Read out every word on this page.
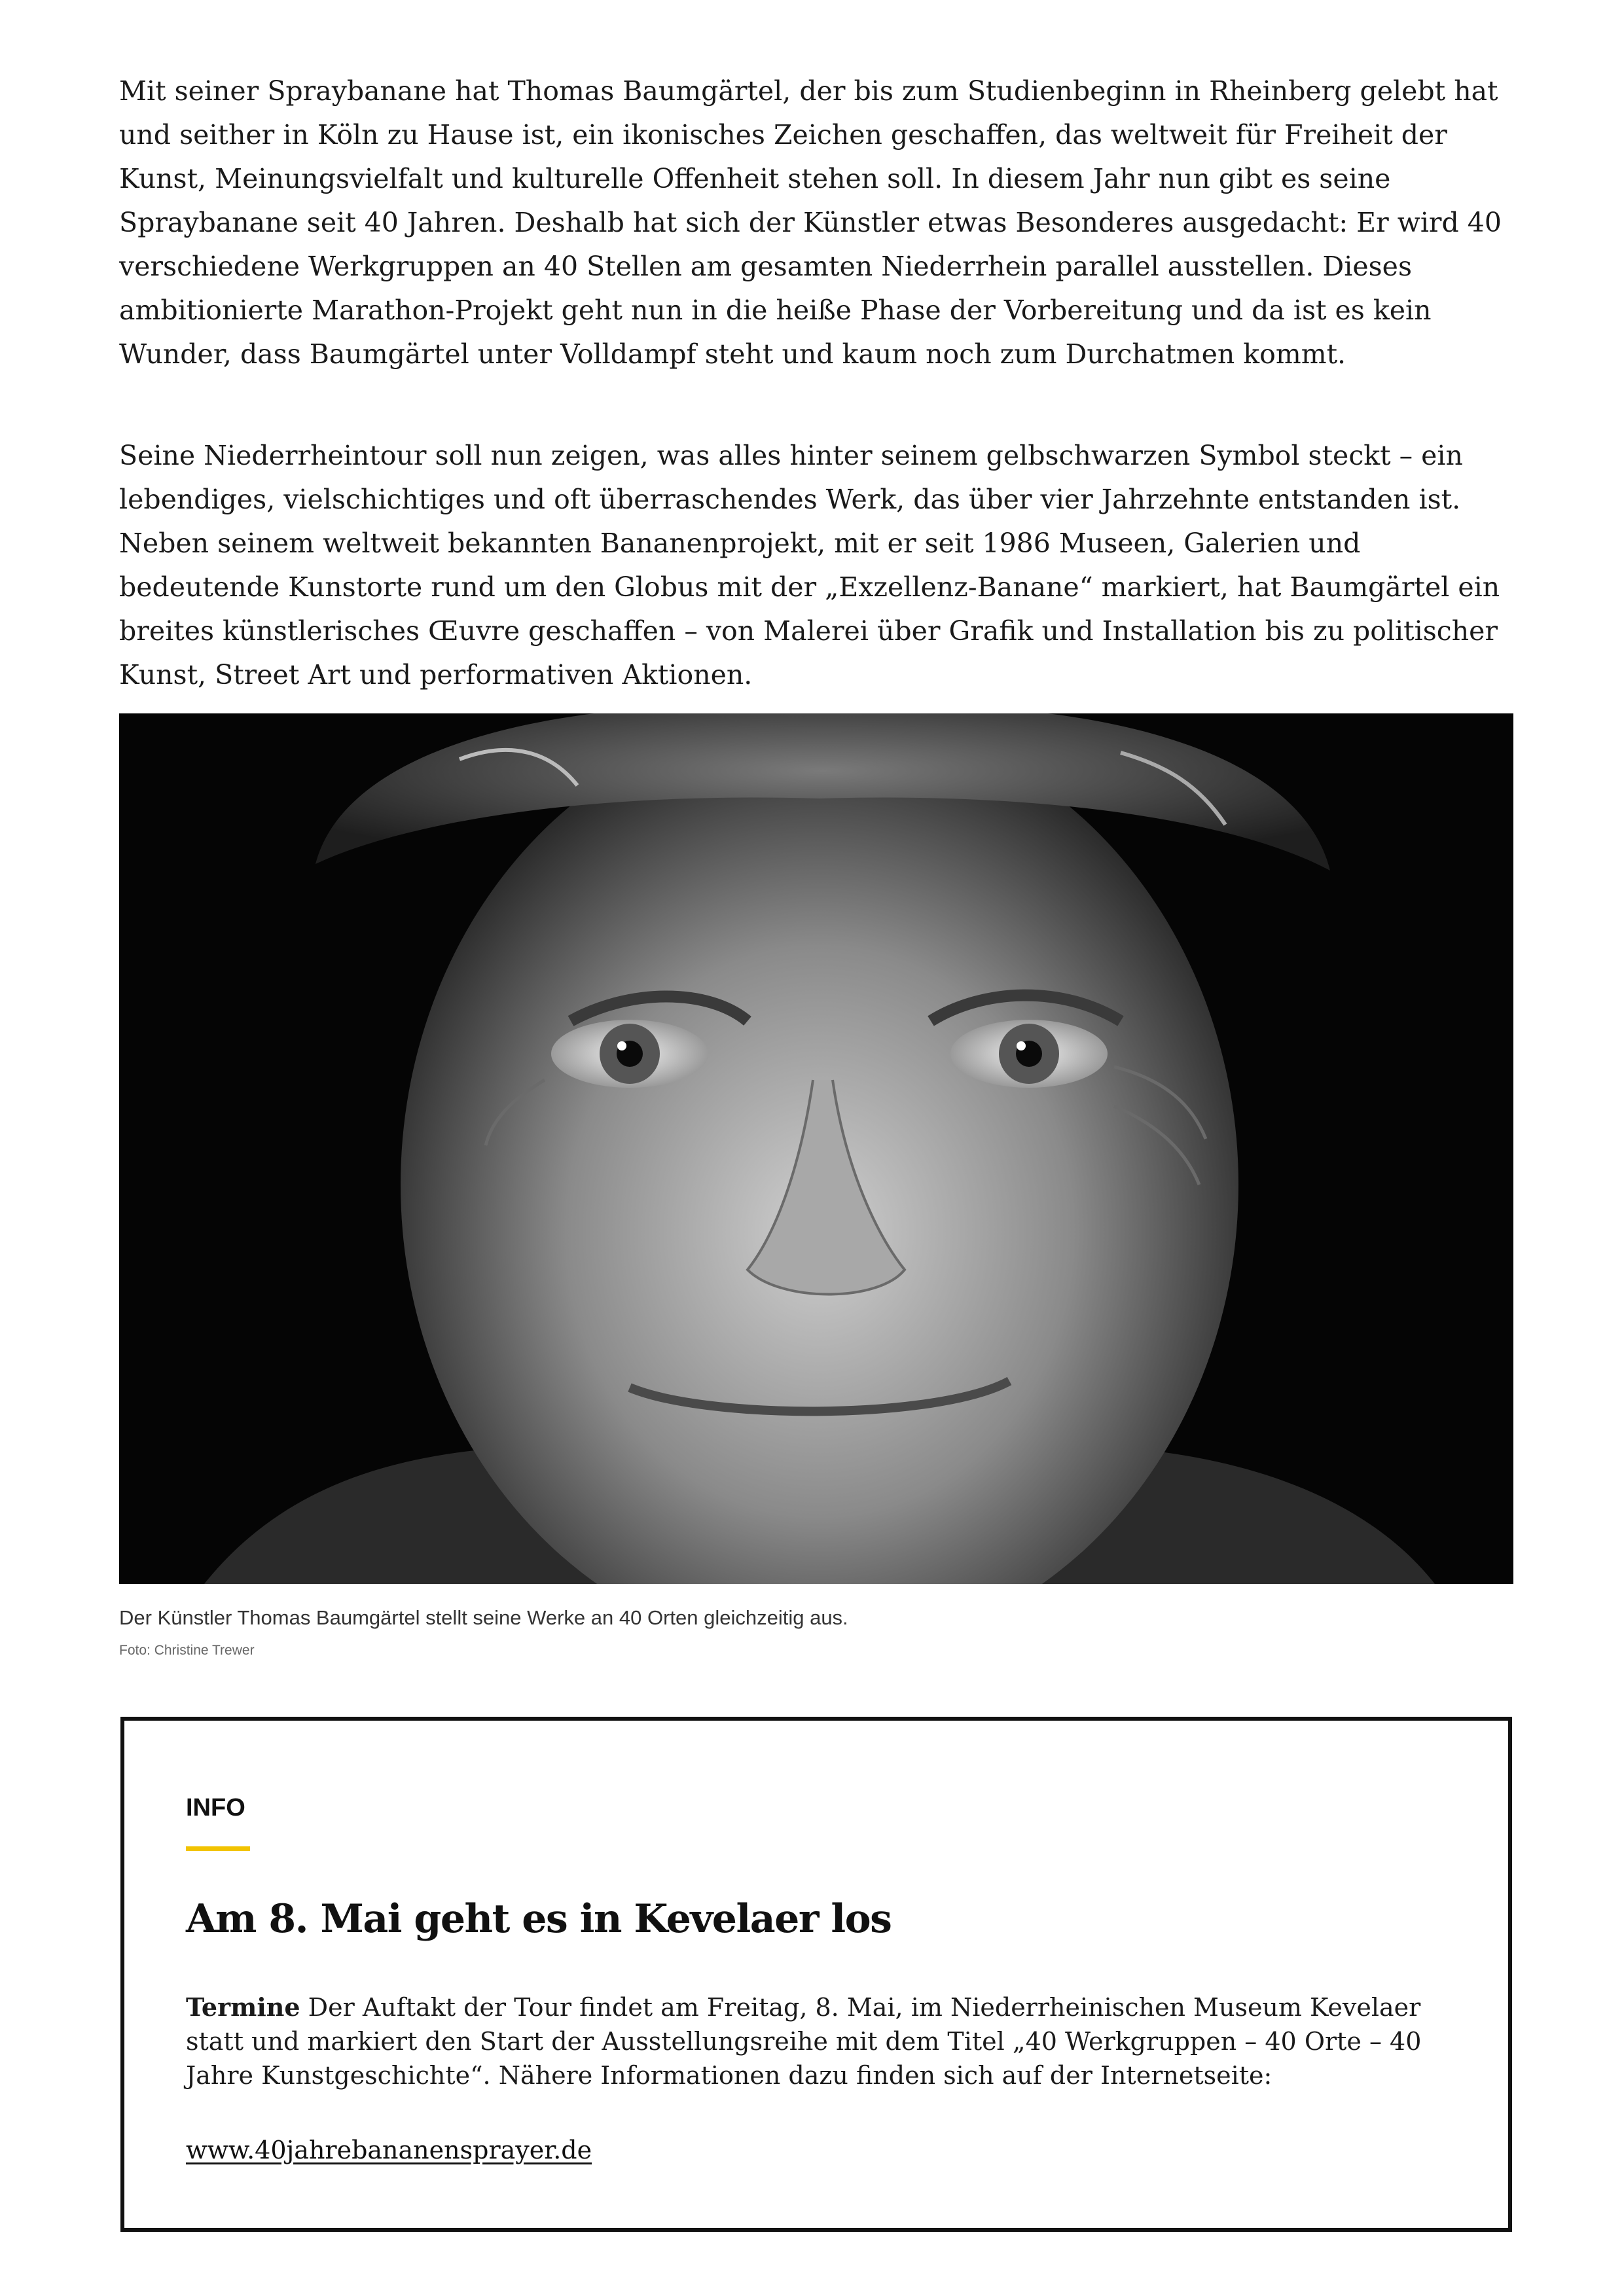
Mit seiner Spraybanane hat Thomas Baumgärtel, der bis zum Studienbeginn in Rheinberg gelebt hat und seither in Köln zu Hause ist, ein ikonisches Zeichen geschaffen, das weltweit für Freiheit der Kunst, Meinungsvielfalt und kulturelle Offenheit stehen soll. In diesem Jahr nun gibt es seine Spraybanane seit 40 Jahren. Deshalb hat sich der Künstler etwas Besonderes ausgedacht: Er wird 40 verschiedene Werkgruppen an 40 Stellen am gesamten Niederrhein parallel ausstellen. Dieses ambitionierte Marathon-Projekt geht nun in die heiße Phase der Vorbereitung und da ist es kein Wunder, dass Baumgärtel unter Volldampf steht und kaum noch zum Durchatmen kommt.

Seine Niederrheintour soll nun zeigen, was alles hinter seinem gelbschwarzen Symbol steckt – ein lebendiges, vielschichtiges und oft überraschendes Werk, das über vier Jahrzehnte entstanden ist. Neben seinem weltweit bekannten Bananenprojekt, mit er seit 1986 Museen, Galerien und bedeutende Kunstorte rund um den Globus mit der „Exzellenz-Banane“ markiert, hat Baumgärtel ein breites künstlerisches Œuvre geschaffen – von Malerei über Grafik und Installation bis zu politischer Kunst, Street Art und performativen Aktionen.

Der Künstler Thomas Baumgärtel stellt seine Werke an 40 Orten gleichzeitig aus.
Foto: Christine Trewer
INFO
Am 8. Mai geht es in Kevelaer los

Termine Der Auftakt der Tour findet am Freitag, 8. Mai, im Niederrheinischen Museum Kevelaer statt und markiert den Start der Ausstellungsreihe mit dem Titel „40 Werkgruppen – 40 Orte – 40 Jahre Kunstgeschichte“. Nähere Informationen dazu finden sich auf der Internetseite:

www.40jahrebananensprayer.de
